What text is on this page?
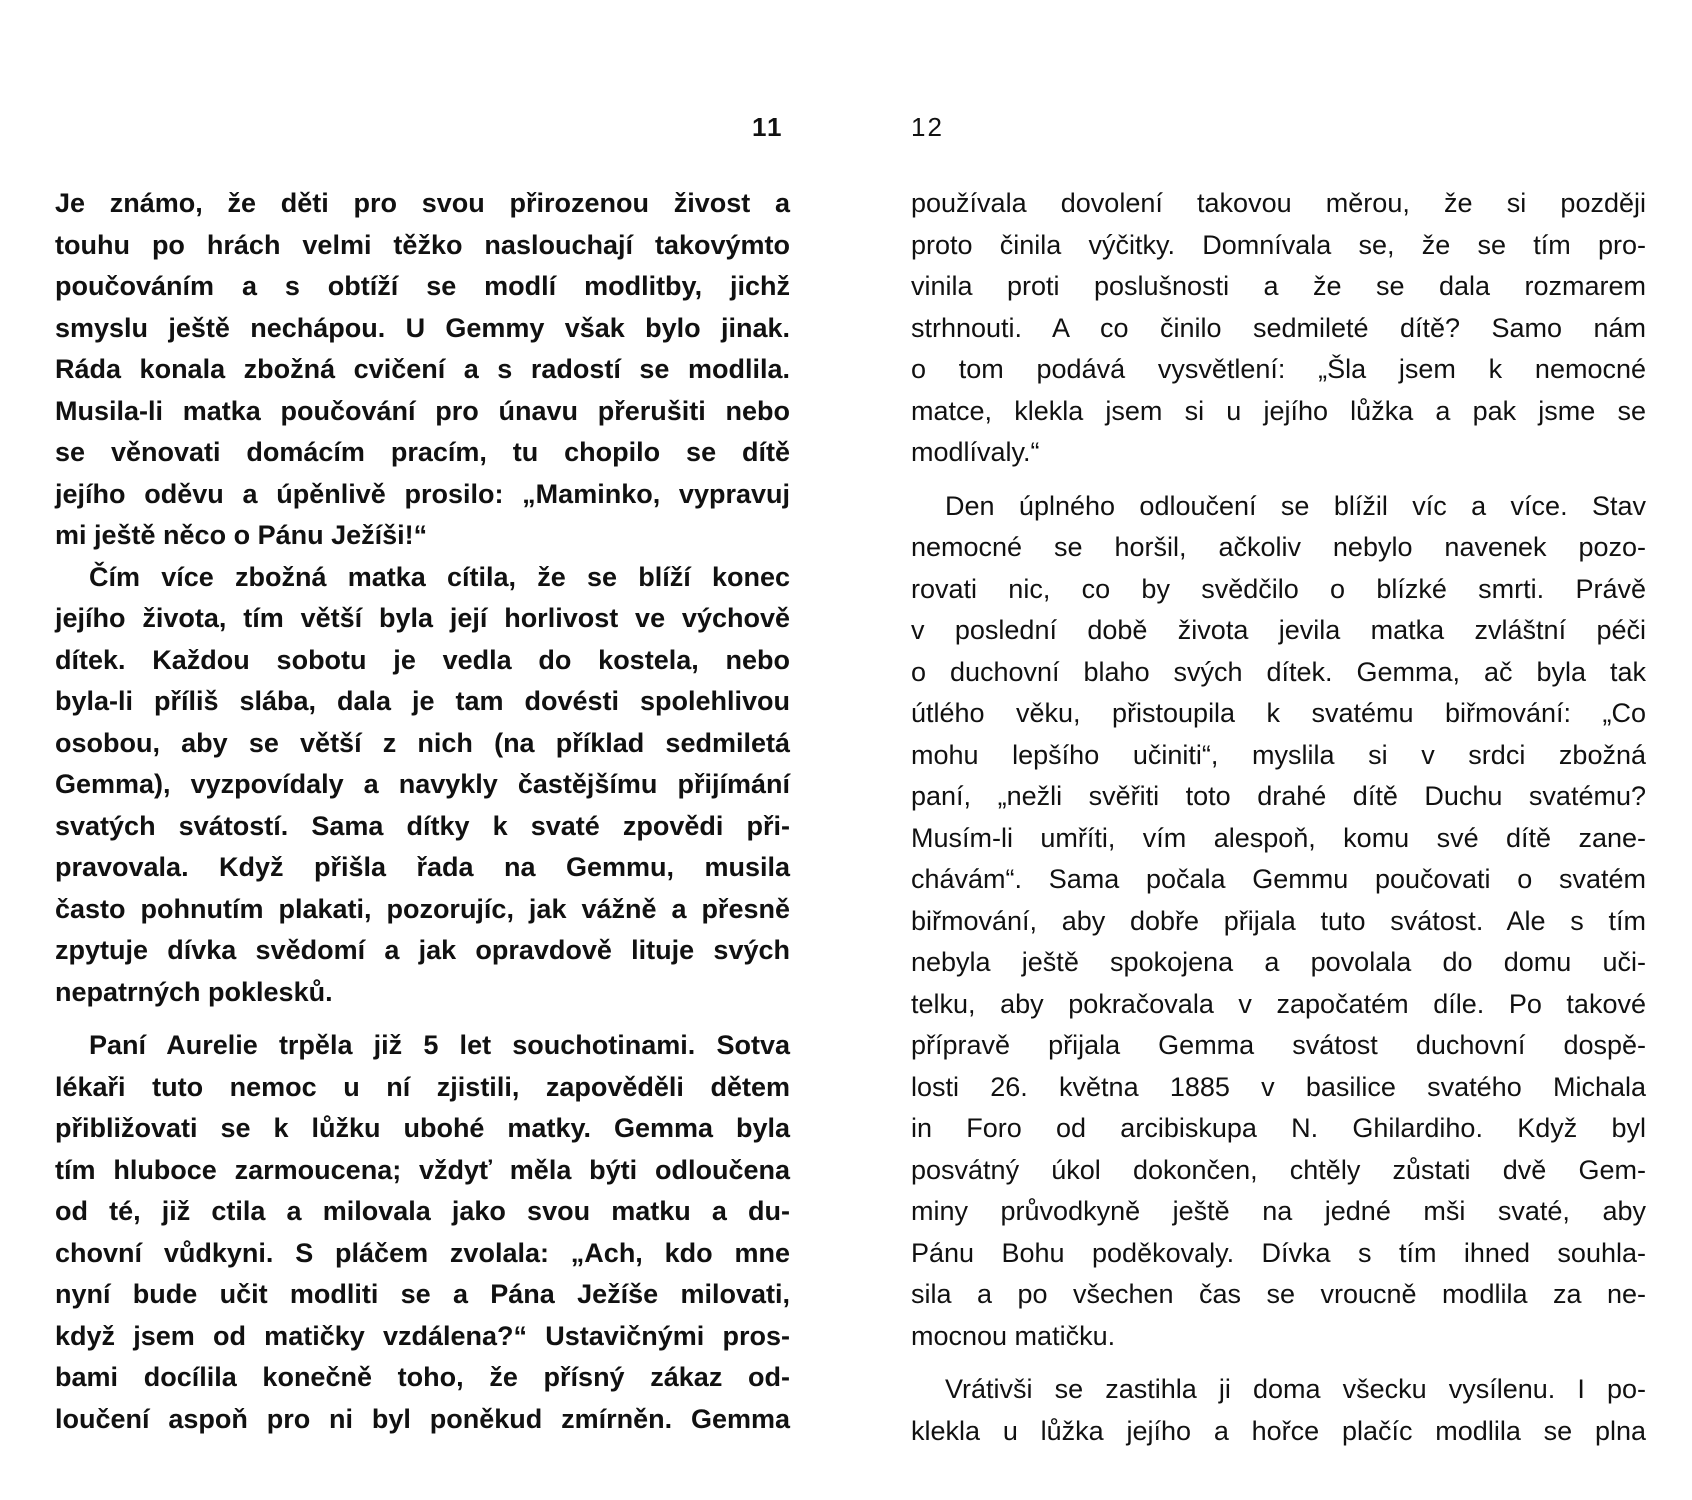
11
Je známo, že děti pro svou přirozenou živost a
touhu po hrách velmi těžko naslouchají takovýmto
poučováním a s obtíží se modlí modlitby, jichž
smyslu ještě nechápou. U Gemmy však bylo jinak.
Ráda konala zbožná cvičení a s radostí se modlila.
Musila-li matka poučování pro únavu přerušiti nebo
se věnovati domácím pracím, tu chopilo se dítě
jejího oděvu a úpěnlivě prosilo: „Maminko, vypravuj
mi ještě něco o Pánu Ježíši!“
Čím více zbožná matka cítila, že se blíží konec
jejího života, tím větší byla její horlivost ve výchově
dítek. Každou sobotu je vedla do kostela, nebo
byla-li příliš slába, dala je tam dovésti spolehlivou
osobou, aby se větší z nich (na příklad sedmiletá
Gemma), vyzpovídaly a navykly častějšímu přijímání
svatých svátostí. Sama dítky k svaté zpovědi při-
pravovala. Když přišla řada na Gemmu, musila
často pohnutím plakati, pozorujíc, jak vážně a přesně
zpytuje dívka svědomí a jak opravdově lituje svých
nepatrných poklesků.
Paní Aurelie trpěla již 5 let souchotinami. Sotva
lékaři tuto nemoc u ní zjistili, zapověděli dětem
přibližovati se k lůžku ubohé matky. Gemma byla
tím hluboce zarmoucena; vždyť měla býti odloučena
od té, již ctila a milovala jako svou matku a du-
chovní vůdkyni. S pláčem zvolala: „Ach, kdo mne
nyní bude učit modliti se a Pána Ježíše milovati,
když jsem od matičky vzdálena?“ Ustavičnými pros-
bami docílila konečně toho, že přísný zákaz od-
loučení aspoň pro ni byl poněkud zmírněn. Gemma
12
používala dovolení takovou měrou, že si později
proto činila výčitky. Domnívala se, že se tím pro-
vinila proti poslušnosti a že se dala rozmarem
strhnouti. A co činilo sedmileté dítě? Samo nám
o tom podává vysvětlení: „Šla jsem k nemocné
matce, klekla jsem si u jejího lůžka a pak jsme se
modlívaly.“
Den úplného odloučení se blížil víc a více. Stav
nemocné se horšil, ačkoliv nebylo navenek pozo-
rovati nic, co by svědčilo o blízké smrti. Právě
v poslední době života jevila matka zvláštní péči
o duchovní blaho svých dítek. Gemma, ač byla tak
útlého věku, přistoupila k svatému biřmování: „Co
mohu lepšího učiniti“, myslila si v srdci zbožná
paní, „nežli svěřiti toto drahé dítě Duchu svatému?
Musím-li umříti, vím alespoň, komu své dítě zane-
chávám“. Sama počala Gemmu poučovati o svatém
biřmování, aby dobře přijala tuto svátost. Ale s tím
nebyla ještě spokojena a povolala do domu uči-
telku, aby pokračovala v započatém díle. Po takové
přípravě přijala Gemma svátost duchovní dospě-
losti 26. května 1885 v basilice svatého Michala
in Foro od arcibiskupa N. Ghilardiho. Když byl
posvátný úkol dokončen, chtěly zůstati dvě Gem-
miny průvodkyně ještě na jedné mši svaté, aby
Pánu Bohu poděkovaly. Dívka s tím ihned souhla-
sila a po všechen čas se vroucně modlila za ne-
mocnou matičku.
Vrátivši se zastihla ji doma všecku vysílenu. I po-
klekla u lůžka jejího a hořce plačíc modlila se plna
